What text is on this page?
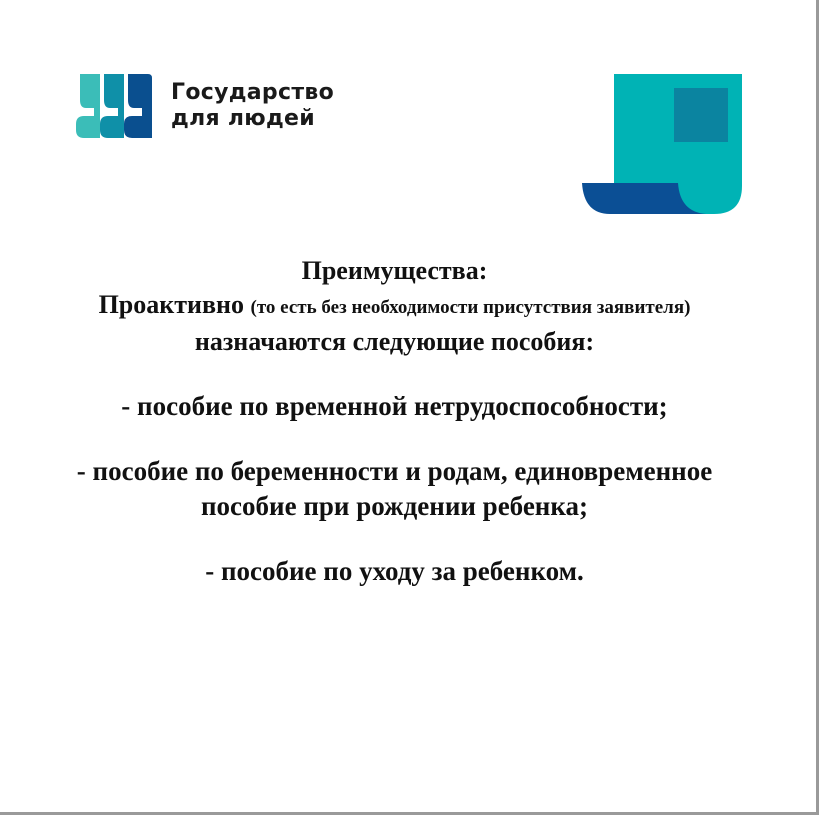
Государство
для людей
Преимущества:
Проактивно (то есть без необходимости присутствия заявителя)
назначаются следующие пособия:
- пособие по временной нетрудоспособности;
- пособие по беременности и родам, единовременное
пособие при рождении ребенка;
- пособие по уходу за ребенком.
